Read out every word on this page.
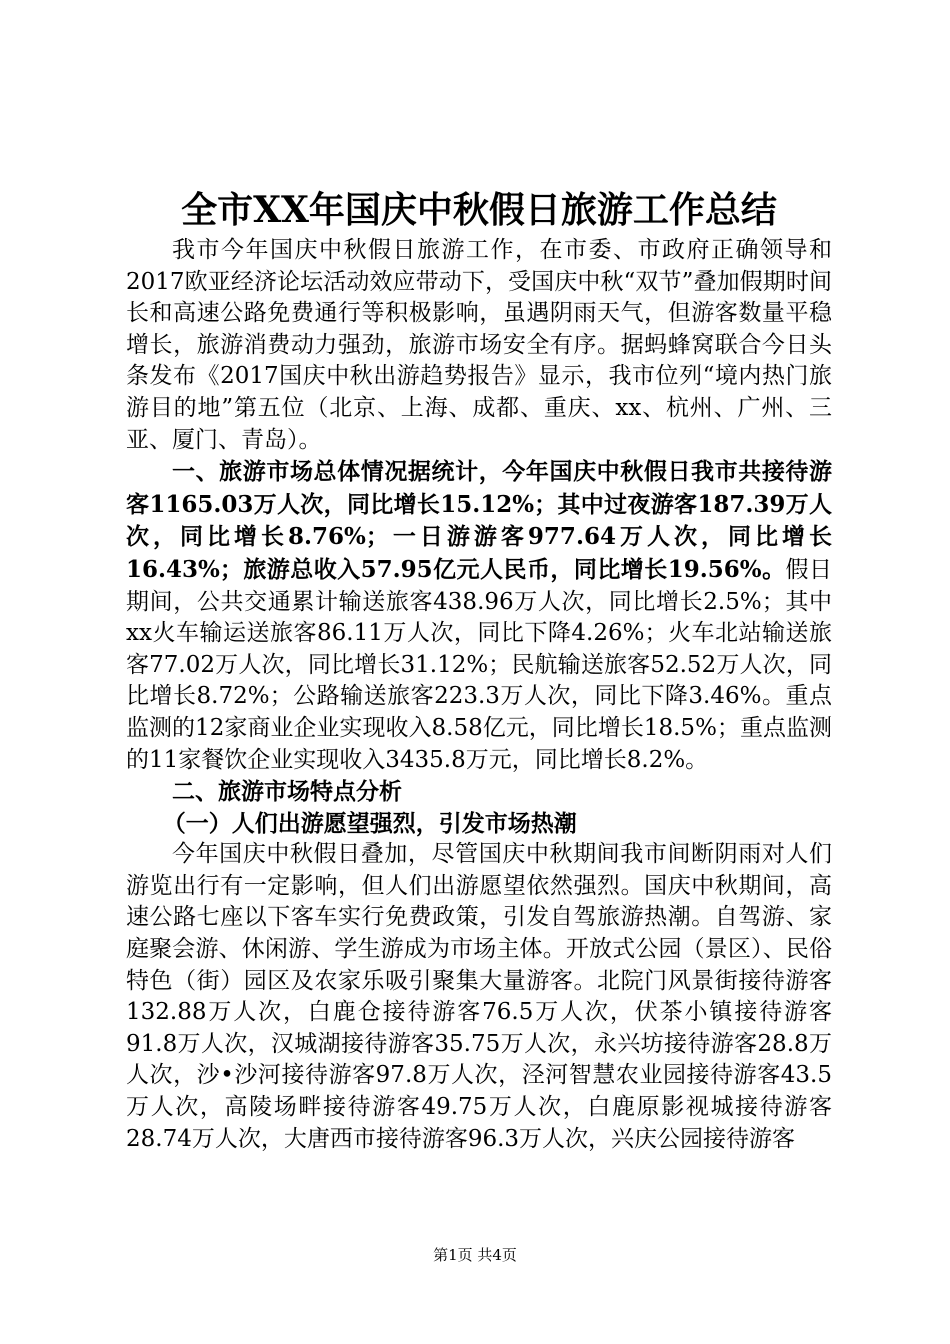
全市XX年国庆中秋假日旅游工作总结

我市今年国庆中秋假日旅游工作，在市委、市政府正确领导和2017欧亚经济论坛活动效应带动下，受国庆中秋“双节”叠加假期时间长和高速公路免费通行等积极影响，虽遇阴雨天气，但游客数量平稳增长，旅游消费动力强劲，旅游市场安全有序。据蚂蜂窝联合今日头条发布《2017国庆中秋出游趋势报告》显示，我市位列“境内热门旅游目的地”第五位（北京、上海、成都、重庆、xx、杭州、广州、三亚、厦门、青岛）。

一、旅游市场总体情况据统计，今年国庆中秋假日我市共接待游客1165.03万人次，同比增长15.12%；其中过夜游客187.39万人次，同比增长8.76%；一日游游客977.64万人次，同比增长16.43%；旅游总收入57.95亿元人民币，同比增长19.56%。

假日期间，公共交通累计输送旅客438.96万人次，同比增长2.5%；其中xx火车输运送旅客86.11万人次，同比下降4.26%；火车北站输送旅客77.02万人次，同比增长31.12%；民航输送旅客52.52万人次，同比增长8.72%；公路输送旅客223.3万人次，同比下降3.46%。重点监测的12家商业企业实现收入8.58亿元，同比增长18.5%；重点监测的11家餐饮企业实现收入3435.8万元，同比增长8.2%。

二、旅游市场特点分析

（一）人们出游愿望强烈，引发市场热潮

今年国庆中秋假日叠加，尽管国庆中秋期间我市间断阴雨对人们游览出行有一定影响，但人们出游愿望依然强烈。国庆中秋期间，高速公路七座以下客车实行免费政策，引发自驾旅游热潮。自驾游、家庭聚会游、休闲游、学生游成为市场主体。开放式公园（景区）、民俗特色（街）园区及农家乐吸引聚集大量游客。北院门风景街接待游客132.88万人次，白鹿仓接待游客76.5万人次，伏茶小镇接待游客91.8万人次，汉城湖接待游客35.75万人次，永兴坊接待游客28.8万人次，沙•沙河接待游客97.8万人次，泾河智慧农业园接待游客43.5万人次，高陵场畔接待游客49.75万人次，白鹿原影视城接待游客28.74万人次，大唐西市接待游客96.3万人次，兴庆公园接待游客

第1页 共4页
